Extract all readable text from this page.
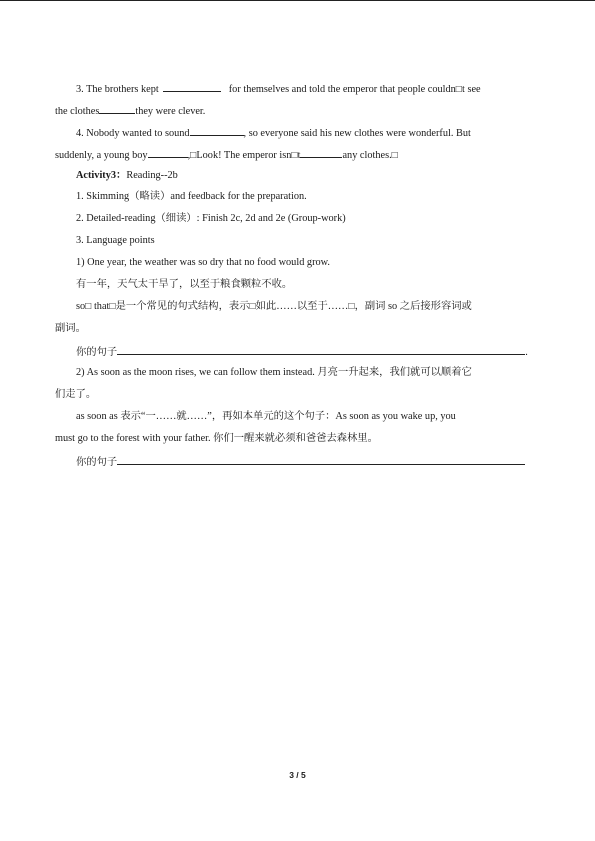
3. The brothers kept	for themselves and told the emperor that people couldn□t see
the clothes	they were clever.
4. Nobody wanted to sound	, so everyone said his new clothes were wonderful. But
suddenly, a young boy	,□Look! The emperor isn□t	any clothes.□
Activity3：Reading--2b
1. Skimming（略读）and feedback for the preparation.
2. Detailed-reading（细读）: Finish 2c, 2d and 2e (Group-work)
3. Language points
1) One year, the weather was so dry that no food would grow.
有一年，天气太干旱了，以至于粮食颗粒不收。
so□ that□是一个常见的句式结构，表示□如此……以至于……□，副词 so 之后接形容词或
副词。
你的句子	.
2) As soon as the moon rises, we can follow them instead. 月亮一升起来，我们就可以顺着它
们走了。
as soon as 表示“一……就……”，再如本单元的这个句子：As soon as you wake up, you
must go to the forest with your father. 你们一醒来就必须和爸爸去森林里。
你的句子
3 / 5
